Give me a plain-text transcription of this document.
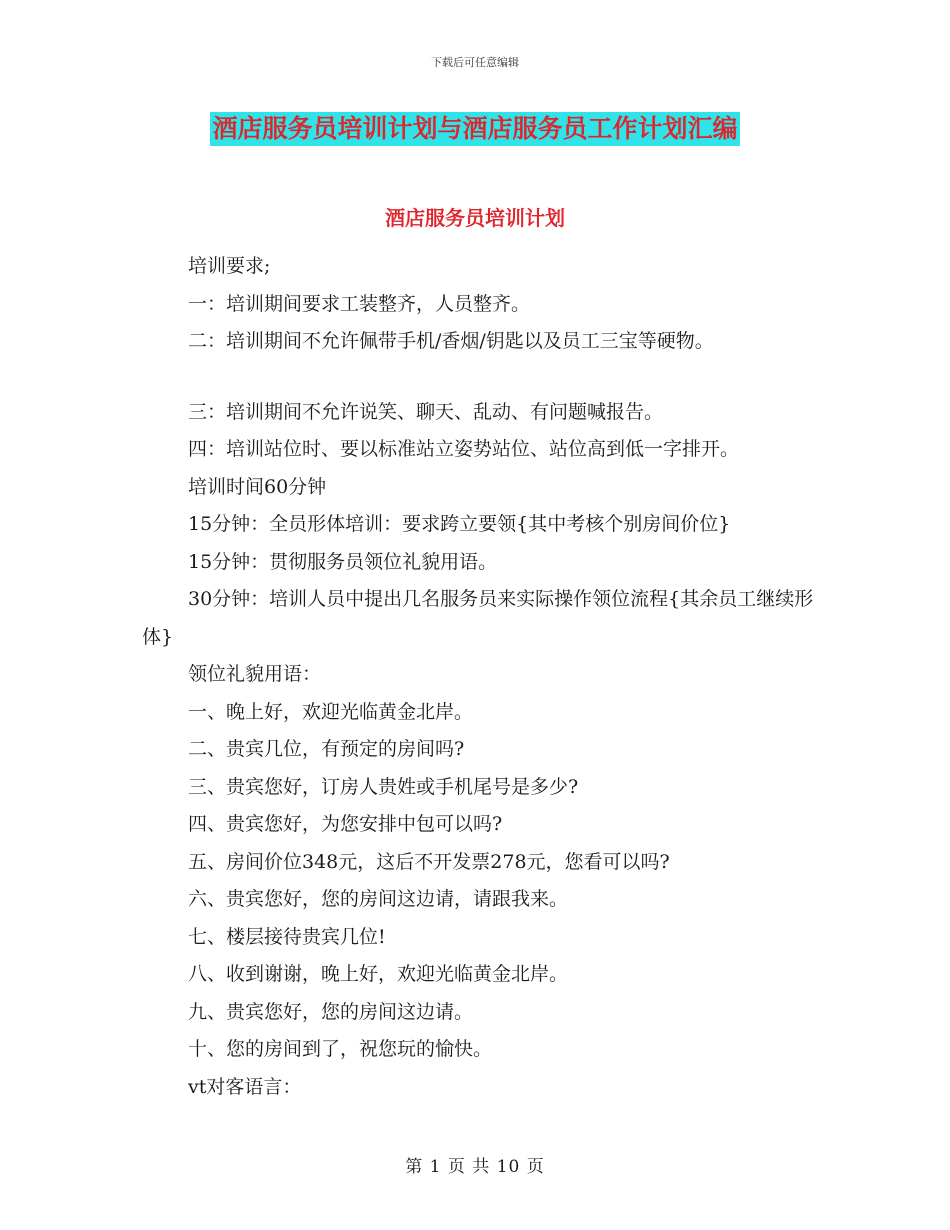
下载后可任意编辑
酒店服务员培训计划与酒店服务员工作计划汇编
酒店服务员培训计划

培训要求;

一：培训期间要求工装整齐，人员整齐。

二：培训期间不允许佩带手机/香烟/钥匙以及员工三宝等硬物。

三：培训期间不允许说笑、聊天、乱动、有问题喊报告。

四：培训站位时、要以标准站立姿势站位、站位高到低一字排开。

培训时间60分钟

15分钟：全员形体培训：要求跨立要领{其中考核个别房间价位}

15分钟：贯彻服务员领位礼貌用语。

30分钟：培训人员中提出几名服务员来实际操作领位流程{其余员工继续形体}

领位礼貌用语：

一、晚上好，欢迎光临黄金北岸。

二、贵宾几位，有预定的房间吗?

三、贵宾您好，订房人贵姓或手机尾号是多少?

四、贵宾您好，为您安排中包可以吗?

五、房间价位348元，这后不开发票278元，您看可以吗?

六、贵宾您好，您的房间这边请，请跟我来。

七、楼层接待贵宾几位!

八、收到谢谢，晚上好，欢迎光临黄金北岸。

九、贵宾您好，您的房间这边请。

十、您的房间到了，祝您玩的愉快。

vt对客语言：

第 1 页 共 10 页
